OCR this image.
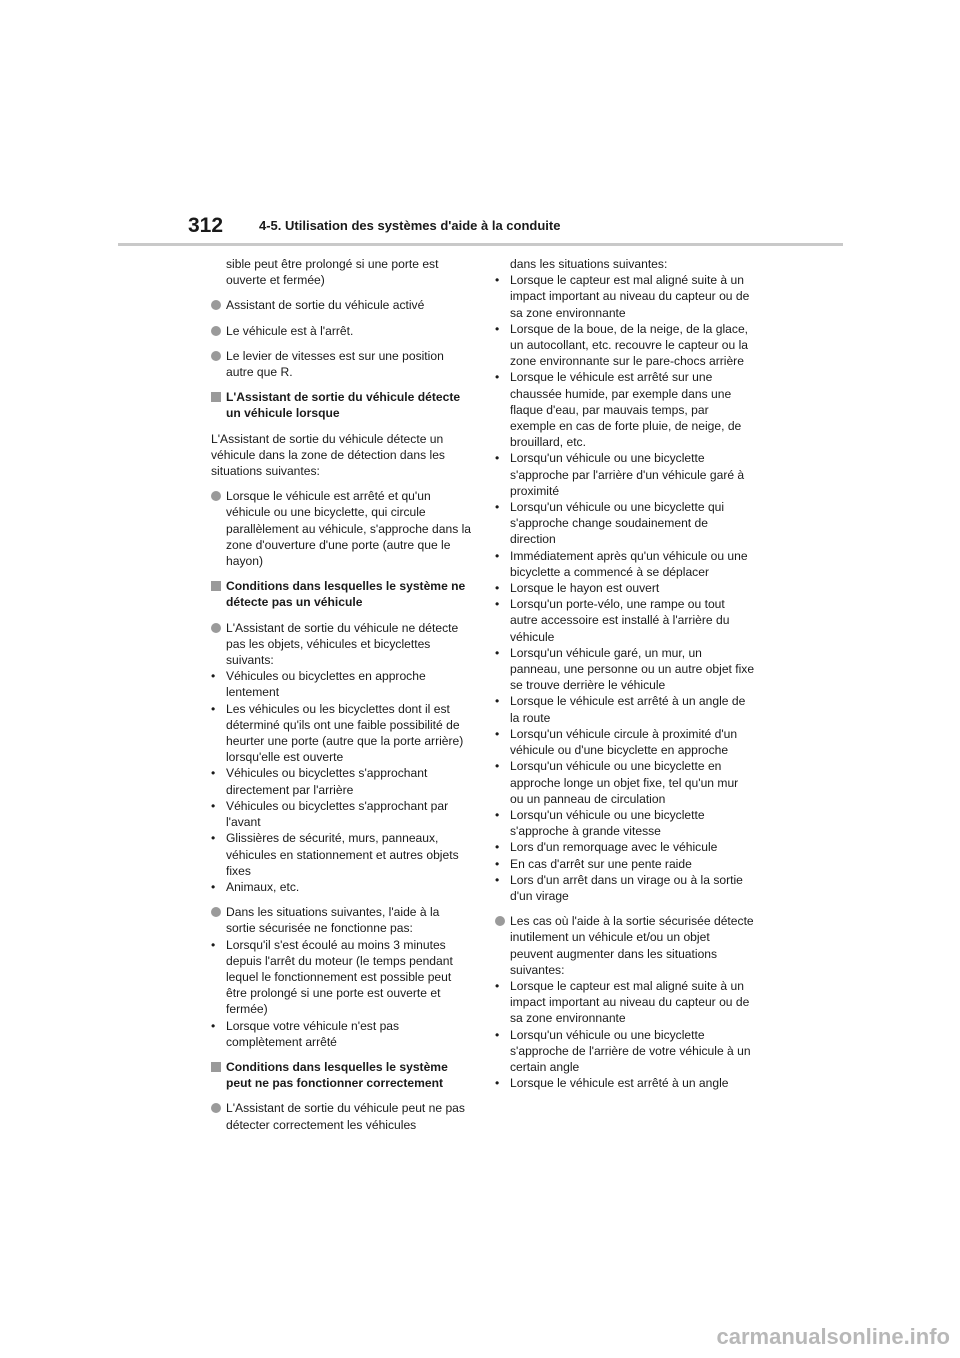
312	4-5. Utilisation des systèmes d'aide à la conduite
sible peut être prolongé si une porte est ouverte et fermée)
Assistant de sortie du véhicule activé
Le véhicule est à l'arrêt.
Le levier de vitesses est sur une position autre que R.
L'Assistant de sortie du véhicule détecte un véhicule lorsque
L'Assistant de sortie du véhicule détecte un véhicule dans la zone de détection dans les situations suivantes:
Lorsque le véhicule est arrêté et qu'un véhicule ou une bicyclette, qui circule parallèlement au véhicule, s'approche dans la zone d'ouverture d'une porte (autre que le hayon)
Conditions dans lesquelles le système ne détecte pas un véhicule
L'Assistant de sortie du véhicule ne détecte pas les objets, véhicules et bicyclettes suivants:
• Véhicules ou bicyclettes en approche lentement
• Les véhicules ou les bicyclettes dont il est déterminé qu'ils ont une faible possibilité de heurter une porte (autre que la porte arrière) lorsqu'elle est ouverte
• Véhicules ou bicyclettes s'approchant directement par l'arrière
• Véhicules ou bicyclettes s'approchant par l'avant
• Glissières de sécurité, murs, panneaux, véhicules en stationnement et autres objets fixes
• Animaux, etc.
Dans les situations suivantes, l'aide à la sortie sécurisée ne fonctionne pas:
• Lorsqu'il s'est écoulé au moins 3 minutes depuis l'arrêt du moteur (le temps pendant lequel le fonctionnement est possible peut être prolongé si une porte est ouverte et fermée)
• Lorsque votre véhicule n'est pas complètement arrêté
Conditions dans lesquelles le système peut ne pas fonctionner correctement
L'Assistant de sortie du véhicule peut ne pas détecter correctement les véhicules
dans les situations suivantes:
• Lorsque le capteur est mal aligné suite à un impact important au niveau du capteur ou de sa zone environnante
• Lorsque de la boue, de la neige, de la glace, un autocollant, etc. recouvre le capteur ou la zone environnante sur le pare-chocs arrière
• Lorsque le véhicule est arrêté sur une chaussée humide, par exemple dans une flaque d'eau, par mauvais temps, par exemple en cas de forte pluie, de neige, de brouillard, etc.
• Lorsqu'un véhicule ou une bicyclette s'approche par l'arrière d'un véhicule garé à proximité
• Lorsqu'un véhicule ou une bicyclette qui s'approche change soudainement de direction
• Immédiatement après qu'un véhicule ou une bicyclette a commencé à se déplacer
• Lorsque le hayon est ouvert
• Lorsqu'un porte-vélo, une rampe ou tout autre accessoire est installé à l'arrière du véhicule
• Lorsqu'un véhicule garé, un mur, un panneau, une personne ou un autre objet fixe se trouve derrière le véhicule
• Lorsque le véhicule est arrêté à un angle de la route
• Lorsqu'un véhicule circule à proximité d'un véhicule ou d'une bicyclette en approche
• Lorsqu'un véhicule ou une bicyclette en approche longe un objet fixe, tel qu'un mur ou un panneau de circulation
• Lorsqu'un véhicule ou une bicyclette s'approche à grande vitesse
• Lors d'un remorquage avec le véhicule
• En cas d'arrêt sur une pente raide
• Lors d'un arrêt dans un virage ou à la sortie d'un virage
Les cas où l'aide à la sortie sécurisée détecte inutilement un véhicule et/ou un objet peuvent augmenter dans les situations suivantes:
• Lorsque le capteur est mal aligné suite à un impact important au niveau du capteur ou de sa zone environnante
• Lorsqu'un véhicule ou une bicyclette s'approche de l'arrière de votre véhicule à un certain angle
• Lorsque le véhicule est arrêté à un angle
carmanualsonline.info
